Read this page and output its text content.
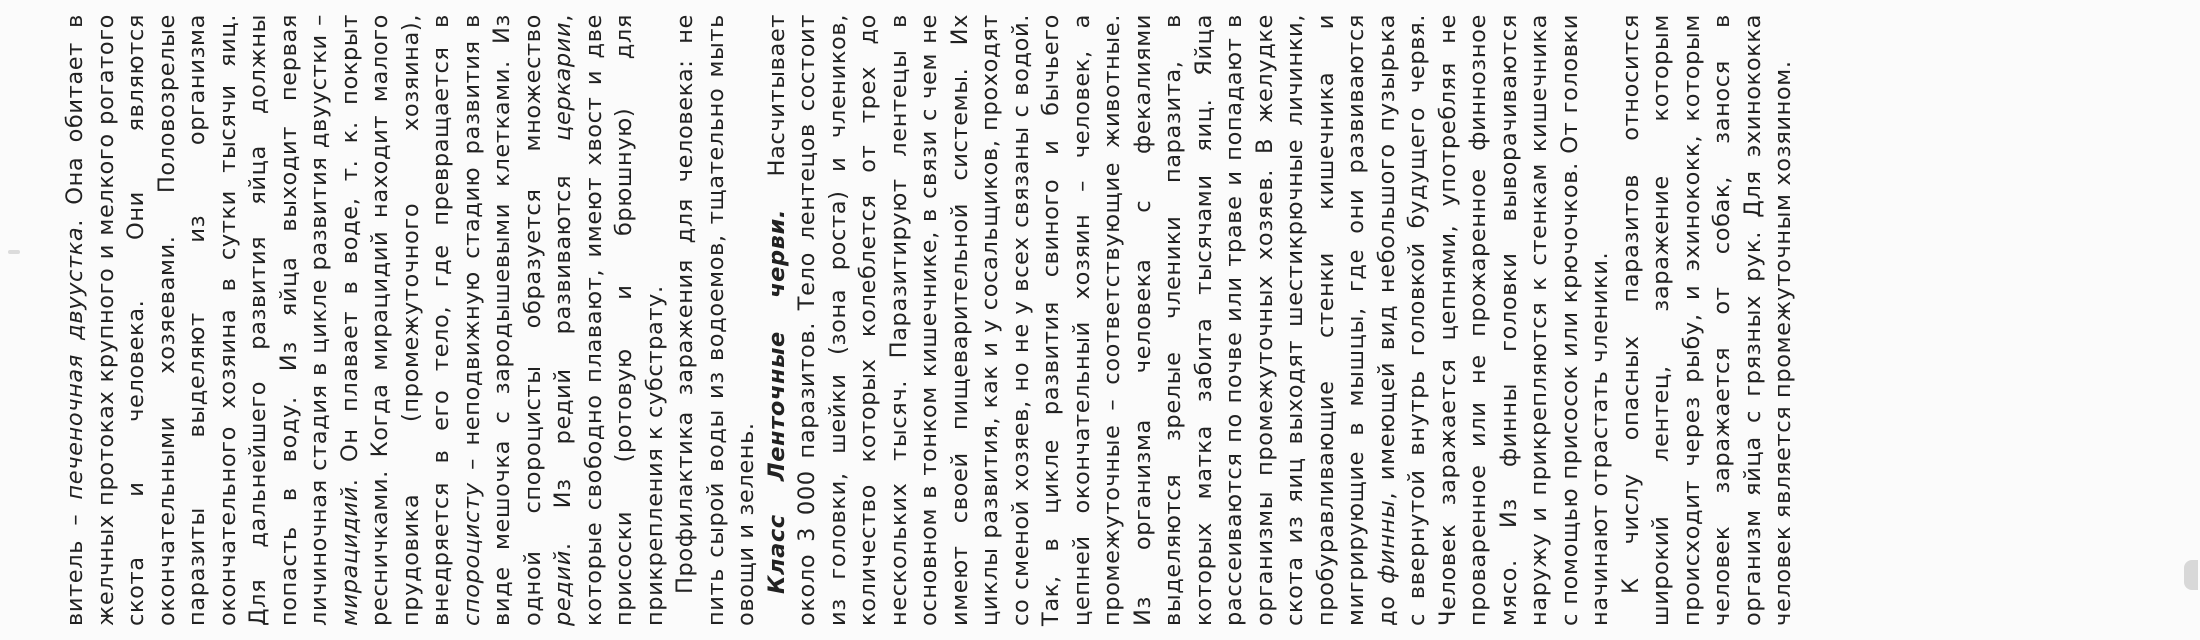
витель – печеночная двуустка. Она обитает в желчных протоках крупного и мелкого рогатого скота и человека. Они являются окончательными хозяевами. Половозрелые паразиты выделяют из организма окончательного хозяина в сутки тысячи яиц. Для дальнейшего развития яйца должны попасть в воду. Из яйца выходит первая личиночная стадия в цикле развития двуустки – мирацидий. Он плавает в воде, т. к. покрыт ресничками. Когда мирацидий находит малого прудовика (промежуточного хозяина), внедряется в его тело, где превращается в спороцисту – неподвижную стадию развития в виде мешочка с зародышевыми клетками. Из одной спороцисты образуется множество редий. Из редий развиваются церкарии, которые свободно плавают, имеют хвост и две присоски (ротовую и брюшную) для прикрепления к субстрату. Профилактика заражения для человека: не пить сырой воды из водоемов, тщательно мыть овощи и зелень. Класс Ленточные черви. Насчитывает около 3 000 паразитов. Тело лентецов состоит из головки, шейки (зона роста) и члеников, количество которых колеблется от трех до нескольких тысяч. Паразитируют лентецы в основном в тонком кишечнике, в связи с чем не имеют своей пищеварительной системы. Их циклы развития, как и у сосальщиков, проходят со сменой хозяев, но не у всех связаны с водой. Так, в цикле развития свиного и бычьего цепней окончательный хозяин – человек, а промежуточные – соответствующие животные. Из организма человека с фекалиями выделяются зрелые членики паразита, в которых матка забита тысячами яиц. Яйца рассеиваются по почве или траве и попадают в организмы промежуточных хозяев. В желудке скота из яиц выходят шестикрючные личинки, пробуравливающие стенки кишечника и мигрирующие в мышцы, где они развиваются до финны, имеющей вид небольшого пузырька с ввернутой внутрь головкой будущего червя. Человек заражается цепнями, употребляя не проваренное или не прожаренное финнозное мясо. Из финны головки выворачиваются наружу и прикрепляются к стенкам кишечника с помощью присосок или крючочков. От головки начинают отрастать членики. К числу опасных паразитов относится широкий лентец, заражение которым происходит через рыбу, и эхинококк, которым человек заражается от собак, занося в организм яйца с грязных рук. Для эхинококка человек является промежуточным хозяином.
